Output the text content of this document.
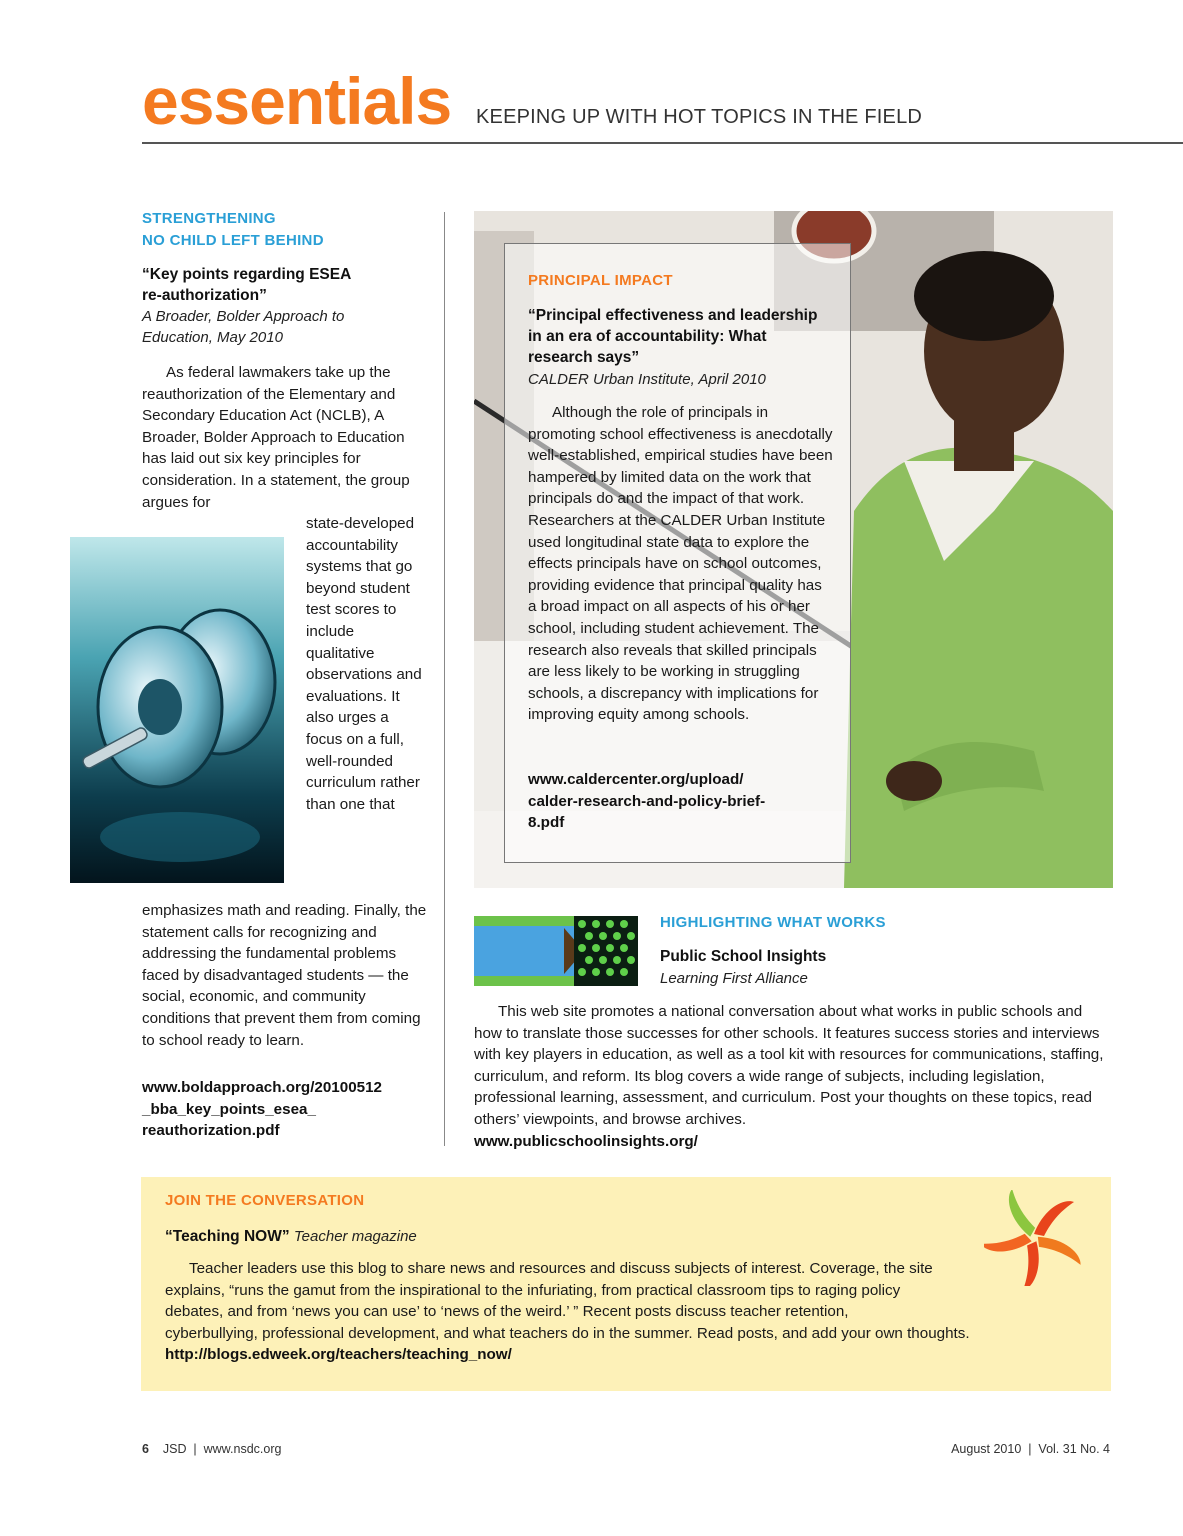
essentials KEEPING UP WITH HOT TOPICS IN THE FIELD
STRENGTHENING
NO CHILD LEFT BEHIND
“Key points regarding ESEA
re-authorization”
A Broader, Bolder Approach to
Education, May 2010
As federal lawmakers take up the reauthorization of the Elementary and Secondary Education Act (NCLB), A Broader, Bolder Approach to Education has laid out six key principles for consideration. In a statement, the group argues for
state-developed accountability systems that go beyond student test scores to include qualitative observations and evaluations. It also urges a focus on a full, well-rounded curriculum rather than one that
emphasizes math and reading. Finally, the statement calls for recognizing and addressing the fundamental problems faced by disadvantaged students — the social, economic, and community conditions that prevent them from coming to school ready to learn.
www.boldapproach.org/20100512
_bba_key_points_esea_
reauthorization.pdf
PRINCIPAL IMPACT
“Principal effectiveness and leadership
in an era of accountability: What
research says”
CALDER Urban Institute, April 2010
Although the role of principals in promoting school effectiveness is anecdotally well-established, empirical studies have been hampered by limited data on the work that principals do and the impact of that work. Researchers at the CALDER Urban Institute used longitudinal state data to explore the effects principals have on school outcomes, providing evidence that principal quality has a broad impact on all aspects of his or her school, including student achievement. The research also reveals that skilled principals are less likely to be working in struggling schools, a discrepancy with implications for improving equity among schools.
www.caldercenter.org/upload/
calder-research-and-policy-brief-
8.pdf
HIGHLIGHTING WHAT WORKS
Public School Insights
Learning First Alliance
This web site promotes a national conversation about what works in public schools and how to translate those successes for other schools. It features success stories and interviews with key players in education, as well as a tool kit with resources for communications, staffing, curriculum, and reform. Its blog covers a wide range of subjects, including legislation, professional learning, assessment, and curriculum. Post your thoughts on these topics, read others’ viewpoints, and browse archives.
www.publicschoolinsights.org/
JOIN THE CONVERSATION
“Teaching NOW” Teacher magazine
Teacher leaders use this blog to share news and resources and discuss subjects of interest. Coverage, the site explains, “runs the gamut from the inspirational to the infuriating, from practical classroom tips to raging policy debates, and from ‘news you can use’ to ‘news of the weird.’ ” Recent posts discuss teacher retention,
cyberbullying, professional development, and what teachers do in the summer. Read posts, and add your own thoughts.
http://blogs.edweek.org/teachers/teaching_now/
6 JSD  |  www.nsdc.org	August 2010  |  Vol. 31 No. 4
